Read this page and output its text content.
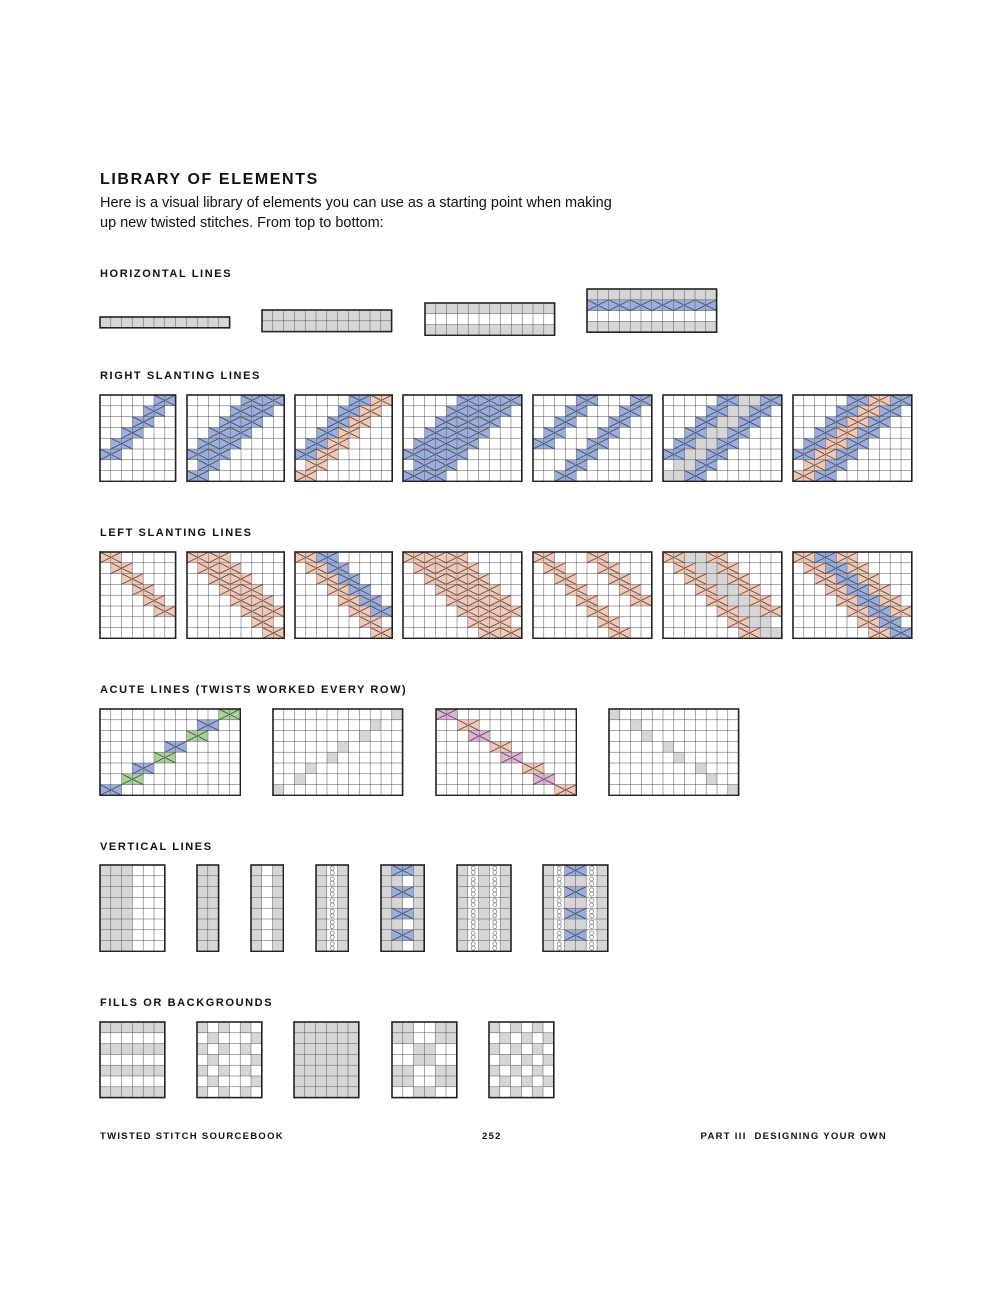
LIBRARY OF ELEMENTS

Here is a visual library of elements you can use as a starting point when making up new twisted stitches. From top to bottom:

HORIZONTAL LINES
RIGHT SLANTING LINES
LEFT SLANTING LINES
ACUTE LINES (TWISTS WORKED EVERY ROW)
VERTICAL LINES
FILLS OR BACKGROUNDS
TWISTED STITCH SOURCEBOOK	252	PART III  DESIGNING YOUR OWN
